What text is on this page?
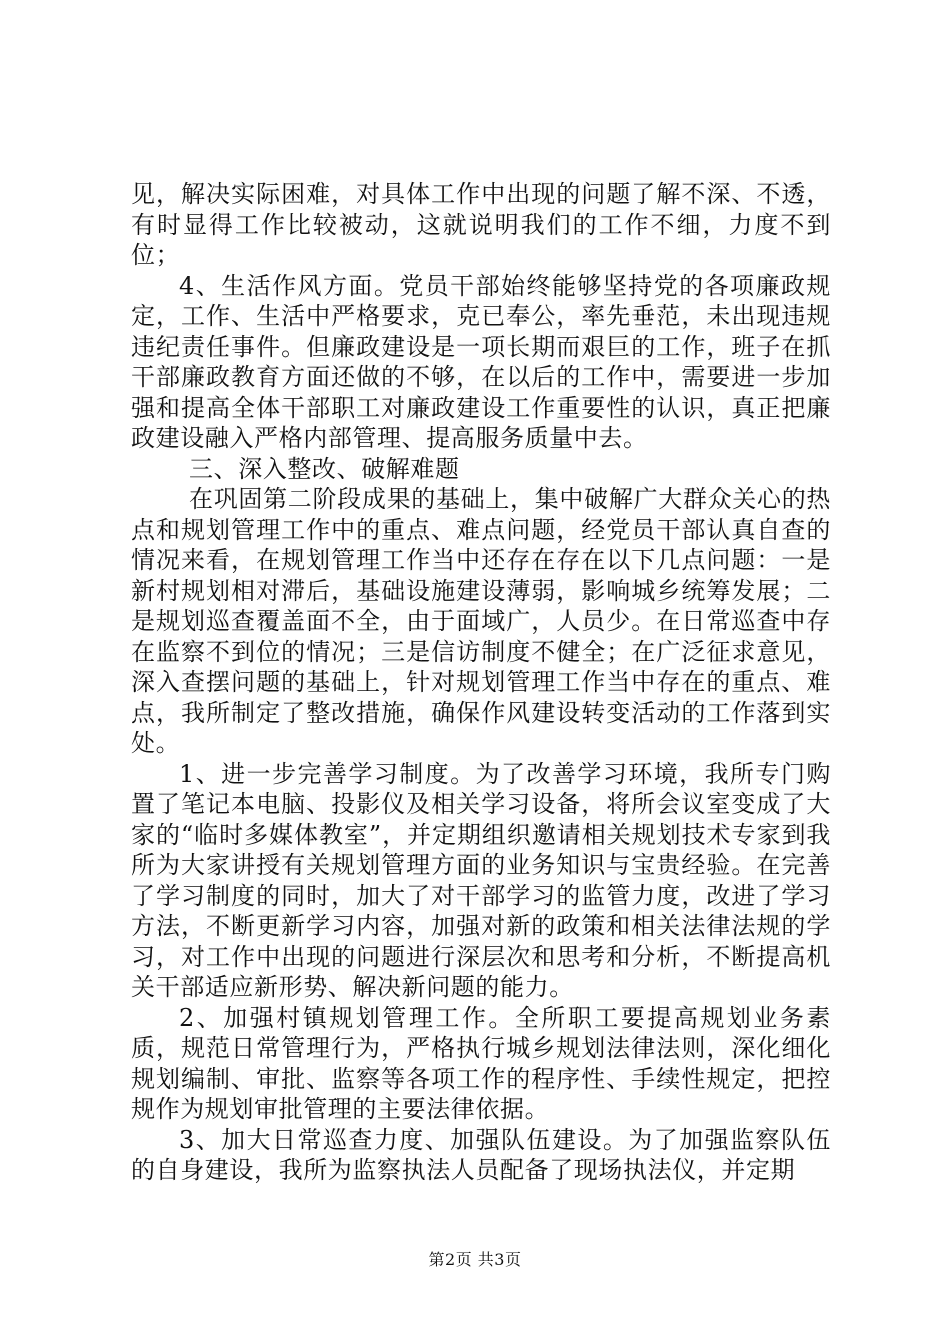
见，解决实际困难，对具体工作中出现的问题了解不深、不透，有时显得工作比较被动，这就说明我们的工作不细，力度不到位；

4、生活作风方面。党员干部始终能够坚持党的各项廉政规定，工作、生活中严格要求，克已奉公，率先垂范，未出现违规违纪责任事件。但廉政建设是一项长期而艰巨的工作，班子在抓干部廉政教育方面还做的不够，在以后的工作中，需要进一步加强和提高全体干部职工对廉政建设工作重要性的认识，真正把廉政建设融入严格内部管理、提高服务质量中去。

三、深入整改、破解难题

在巩固第二阶段成果的基础上，集中破解广大群众关心的热点和规划管理工作中的重点、难点问题，经党员干部认真自查的情况来看，在规划管理工作当中还存在存在以下几点问题：一是新村规划相对滞后，基础设施建设薄弱，影响城乡统筹发展；二是规划巡查覆盖面不全，由于面域广，人员少。在日常巡查中存在监察不到位的情况；三是信访制度不健全；在广泛征求意见，深入查摆问题的基础上，针对规划管理工作当中存在的重点、难点，我所制定了整改措施，确保作风建设转变活动的工作落到实处。

1、进一步完善学习制度。为了改善学习环境，我所专门购置了笔记本电脑、投影仪及相关学习设备，将所会议室变成了大家的“临时多媒体教室”，并定期组织邀请相关规划技术专家到我所为大家讲授有关规划管理方面的业务知识与宝贵经验。在完善了学习制度的同时，加大了对干部学习的监管力度，改进了学习方法，不断更新学习内容，加强对新的政策和相关法律法规的学习，对工作中出现的问题进行深层次和思考和分析，不断提高机关干部适应新形势、解决新问题的能力。

2、加强村镇规划管理工作。全所职工要提高规划业务素质，规范日常管理行为，严格执行城乡规划法律法则，深化细化规划编制、审批、监察等各项工作的程序性、手续性规定，把控规作为规划审批管理的主要法律依据。

3、加大日常巡查力度、加强队伍建设。为了加强监察队伍的自身建设，我所为监察执法人员配备了现场执法仪，并定期

第2页 共3页
